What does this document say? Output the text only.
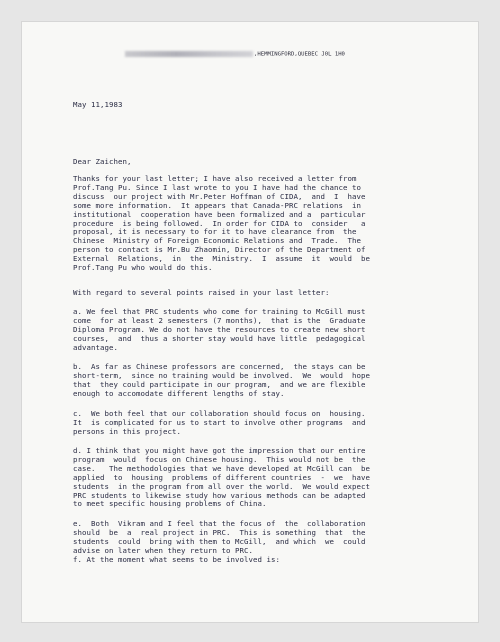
,HEMMINGFORD,QUEBEC J0L 1H0
May 11,1983
Dear Zaichen,
Thanks for your last letter; I have also received a letter from
Prof.Tang Pu. Since I last wrote to you I have had the chance to
discuss  our project with Mr.Peter Hoffman of CIDA,  and  I  have
some more information.  It appears that Canada-PRC relations  in
institutional  cooperation have been formalized and a  particular
procedure  is being followed.  In order for CIDA to  consider   a
proposal, it is necessary to for it to have clearance from  the
Chinese  Ministry of Foreign Economic Relations and  Trade.  The
person to contact is Mr.Bu Zhaomin, Director of the Department of
External  Relations,  in  the  Ministry.  I  assume  it  would  be
Prof.Tang Pu who would do this.
With regard to several points raised in your last letter:
a. We feel that PRC students who come for training to McGill must
come  for at least 2 semesters (7 months),  that is the  Graduate
Diploma Program. We do not have the resources to create new short
courses,  and  thus a shorter stay would have little  pedagogical
advantage.
b.  As far as Chinese professors are concerned,  the stays can be
short-term,  since no training would be involved.  We  would  hope
that  they could participate in our program,  and we are flexible
enough to accomodate different lengths of stay.
c.  We both feel that our collaboration should focus on  housing.
It  is complicated for us to start to involve other programs  and
persons in this project.
d. I think that you might have got the impression that our entire
program  would  focus on Chinese housing.  This would not be  the
case.   The methodologies that we have developed at McGill can  be
applied  to  housing  problems of different countries  -  we  have
students  in the program from all over the world.  We would expect
PRC students to likewise study how various methods can be adapted
to meet specific housing problems of China.
e.  Both  Vikram and I feel that the focus of  the  collaboration
should  be  a  real project in PRC.  This is something  that  the
students  could  bring with them to McGill,  and which  we  could
advise on later when they return to PRC.
f. At the moment what seems to be involved is:
